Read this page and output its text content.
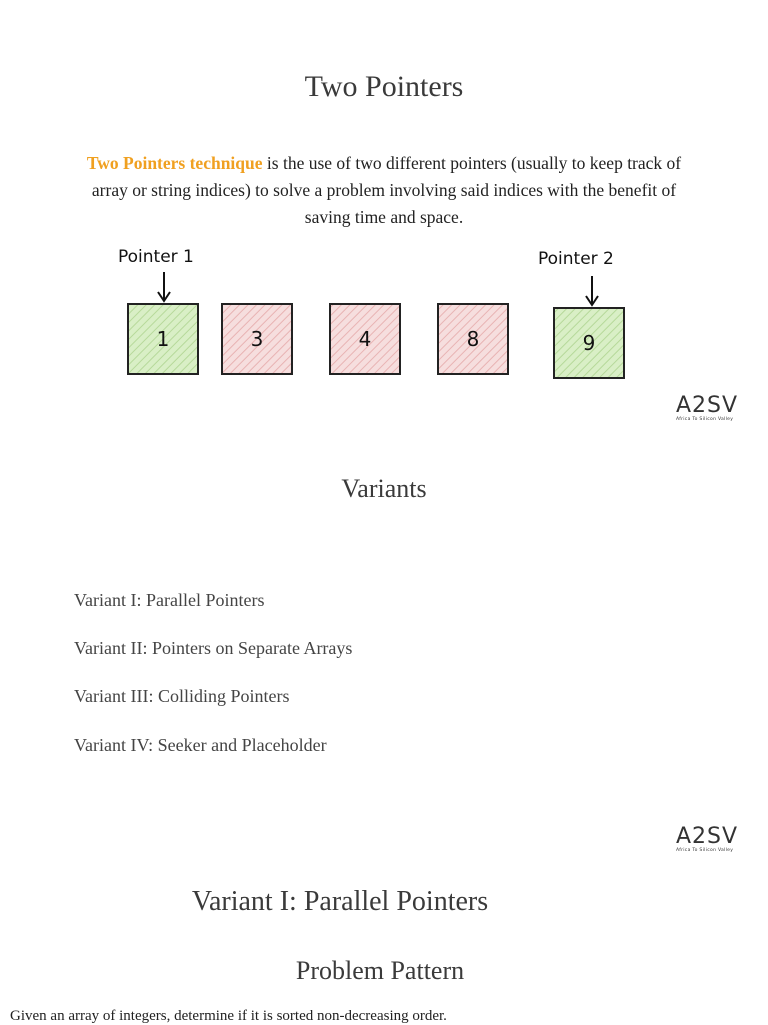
Two Pointers
Two Pointers technique is the use of two different pointers (usually to keep track of array or string indices) to solve a problem involving said indices with the benefit of saving time and space.
Pointer 1	Pointer 2
1	3	4	8	9
A2SV
Africa To Silicon Valley
Variants
Variant I: Parallel Pointers
Variant II: Pointers on Separate Arrays
Variant III: Colliding Pointers
Variant IV: Seeker and Placeholder
A2SV
Africa To Silicon Valley
Variant I: Parallel Pointers
Problem Pattern
Given an array of integers, determine if it is sorted non-decreasing order.
